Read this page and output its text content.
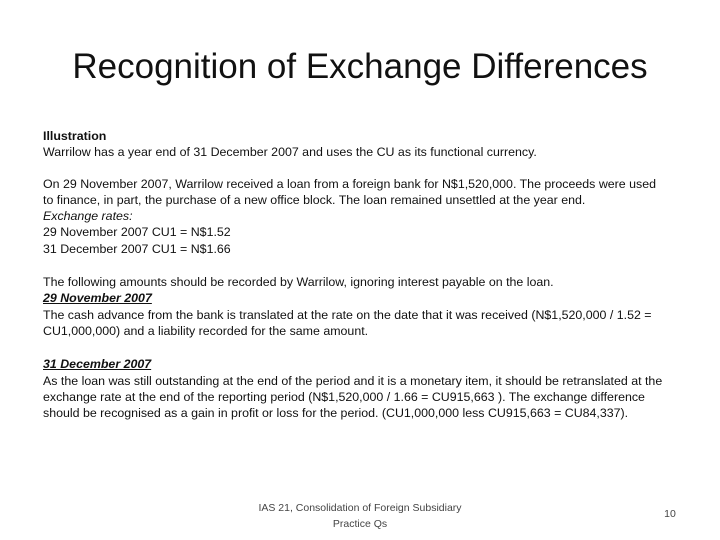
Recognition of Exchange Differences

Illustration

Warrilow has a year end of 31 December 2007 and uses the CU as its functional currency.

On 29 November 2007, Warrilow received a loan from a foreign bank for N$1,520,000. The proceeds were used to finance, in part, the purchase of a new office block. The loan remained unsettled at the year end.

Exchange rates:

29 November 2007 CU1 = N$1.52

31 December 2007 CU1 = N$1.66

The following amounts should be recorded by Warrilow, ignoring interest payable on the loan.

29 November 2007

The cash advance from the bank is translated at the rate on the date that it was received (N$1,520,000 / 1.52 = CU1,000,000) and a liability recorded for the same amount.

31 December 2007

As the loan was still outstanding at the end of the period and it is a monetary item, it should be retranslated at the exchange rate at the end of the reporting period (N$1,520,000 / 1.66 = CU915,663 ). The exchange difference should be recognised as a gain in profit or loss for the period. (CU1,000,000 less CU915,663 = CU84,337).

IAS 21, Consolidation of Foreign Subsidiary Practice Qs
10
